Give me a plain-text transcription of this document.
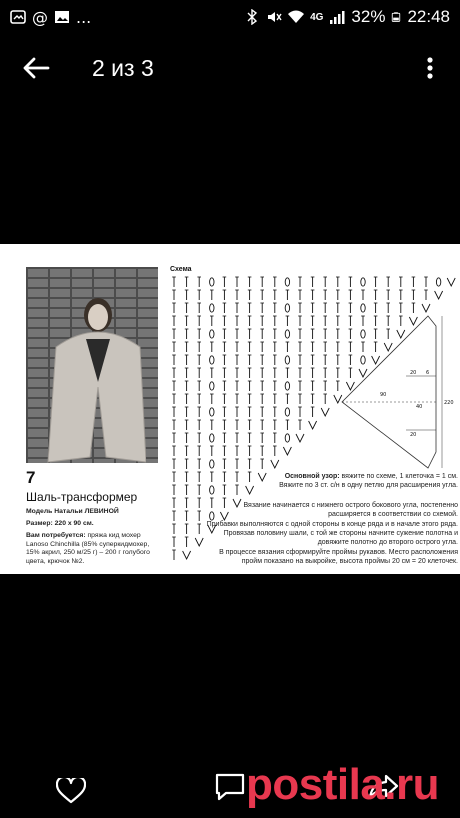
@ ...	4G 32% 22:48
2 из 3
7
Шаль-трансформер
Модель Натальи ЛЕВИНОЙ
Размер: 220 х 90 см.
Вам потребуется: пряжа кид мохер Lanoso Chinchilla (85% суперкидмохер, 15% акрил, 250 м/25 г) – 200 г голубого цвета, крючок №2.
Схема
20 6
90
40
220
20
Основной узор: вяжите по схеме, 1 клеточка = 1 см. Вяжите по 3 ст. с/н в одну петлю для расширения угла.
Вязание начинается с нижнего острого бокового угла, постепенно расширяется в соответствии со схемой.
Прибавки выполняются с одной стороны в конце ряда и в начале этого ряда. Провязав половину шали, с той же стороны начните сужение полотна и довяжите полотно до второго острого угла.
В процессе вязания сформируйте проймы рукавов. Место расположения пройм показано на выкройке, высота проймы 20 см = 20 клеточек.
postila.ru
